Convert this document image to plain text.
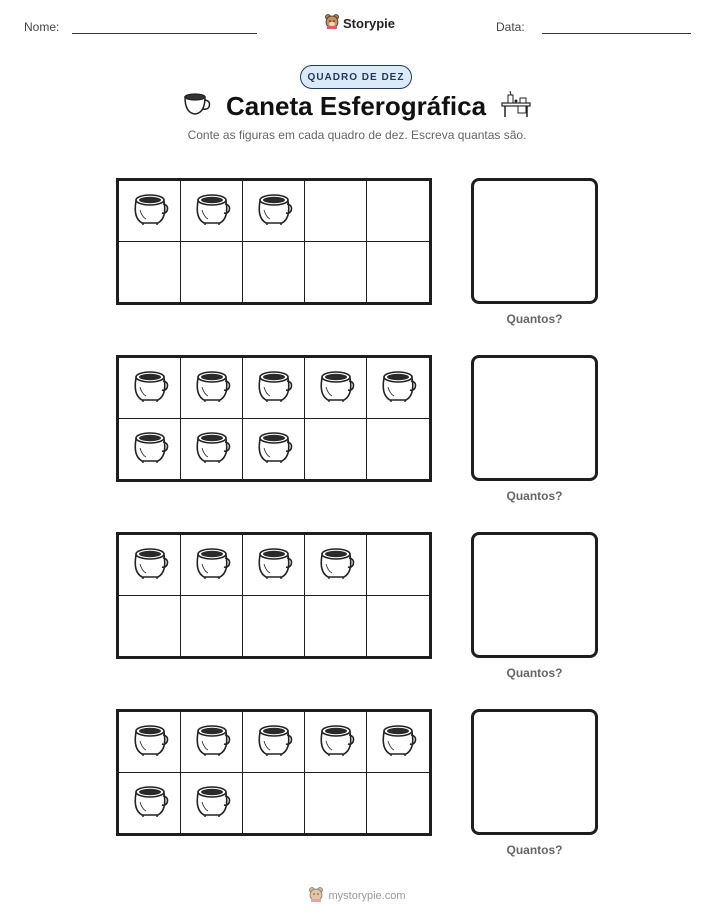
Nome:	Storypie	Data:
QUADRO DE DEZ
Caneta Esferográfica
Conte as figuras em cada quadro de dez. Escreva quantas são.
Quantos?
Quantos?
Quantos?
Quantos?
mystorypie.com
